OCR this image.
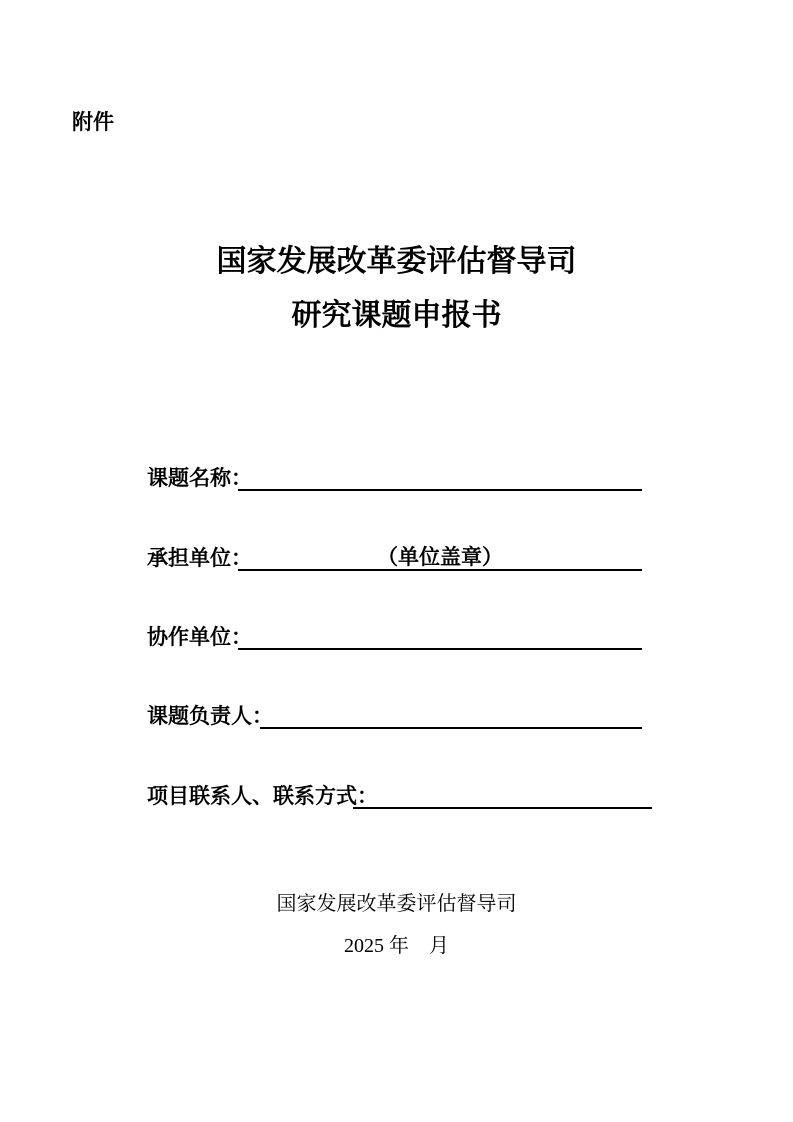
附件
国家发展改革委评估督导司
研究课题申报书
课题名称：
承担单位：	（单位盖章）
协作单位：
课题负责人：
项目联系人、联系方式：
国家发展改革委评估督导司
2025 年　月
